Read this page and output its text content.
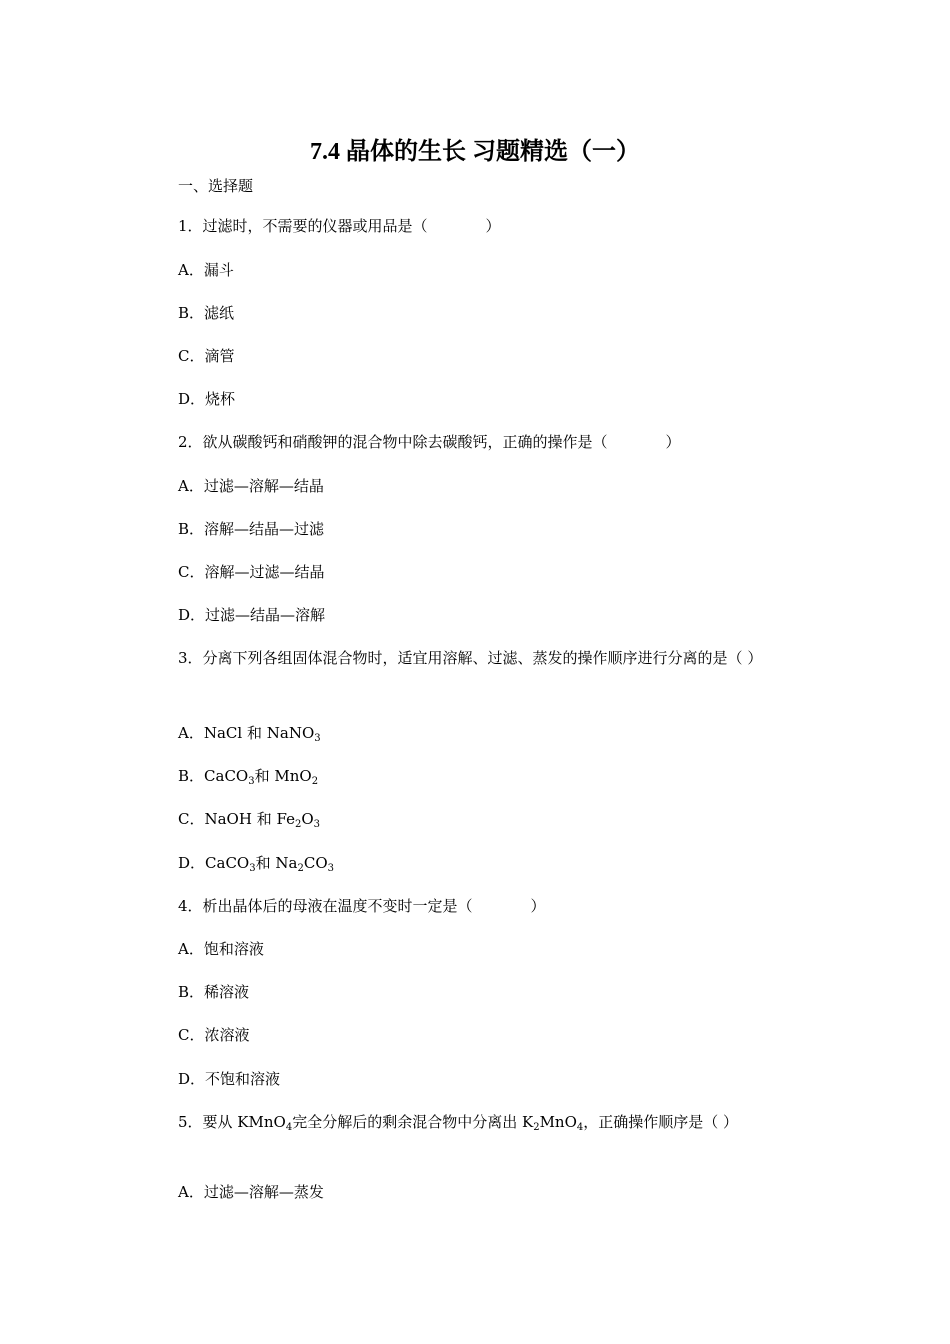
7.4 晶体的生长 习题精选（一）
一、选择题
1．过滤时，不需要的仪器或用品是（	）
A．漏斗
B．滤纸
C．滴管
D．烧杯
2．欲从碳酸钙和硝酸钾的混合物中除去碳酸钙，正确的操作是（	）
A．过滤—溶解—结晶
B．溶解—结晶—过滤
C．溶解—过滤—结晶
D．过滤—结晶—溶解
3．分离下列各组固体混合物时，适宜用溶解、过滤、蒸发的操作顺序进行分离的是（ ）
A．NaCl 和 NaNO$_3$
B．CaCO$_3$和 MnO$_2$
C．NaOH 和 $Fe_2O_3$
D．CaCO$_3$和 $Na_2CO_3$
4．析出晶体后的母液在温度不变时一定是（	）
A．饱和溶液
B．稀溶液
C．浓溶液
D．不饱和溶液
5．要从 KMnO$_4$完全分解后的剩余混合物中分离出 $K_2MnO_4$，正确操作顺序是（ ）
A．过滤—溶解—蒸发
